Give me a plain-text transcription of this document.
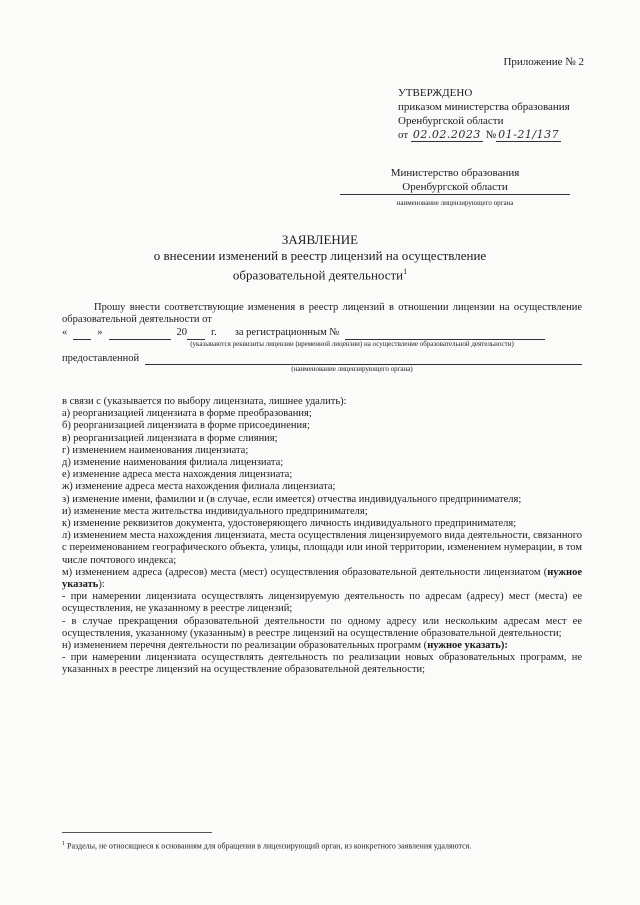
Приложение № 2
УТВЕРЖДЕНО
приказом министерства образования
Оренбургской области
от 02.02.2023 № 01-21/137
Министерство образования
Оренбургской области
наименование лицензирующего органа
ЗАЯВЛЕНИЕ
о внесении изменений в реестр лицензий на осуществление
образовательной деятельности$^1$

Прошу внести соответствующие изменения в реестр лицензий в отношении лицензии на осуществление образовательной деятельности от

«	»	20 г. за регистрационным №
(указываются реквизиты лицензии (временной лицензии) на осуществление образовательной деятельности)
предоставленной
(наименование лицензирующего органа)

в связи с (указывается по выбору лицензиата, лишнее удалить):

а) реорганизацией лицензиата в форме преобразования;

б) реорганизацией лицензиата в форме присоединения;

в) реорганизацией лицензиата в форме слияния;

г) изменением наименования лицензиата;

д) изменение наименования филиала лицензиата;

е) изменение адреса места нахождения лицензиата;

ж) изменение адреса места нахождения филиала лицензиата;

з) изменение имени, фамилии и (в случае, если имеется) отчества индивидуального предпринимателя;

и) изменение места жительства индивидуального предпринимателя;

к) изменение реквизитов документа, удостоверяющего личность индивидуального предпринимателя;

л) изменением места нахождения лицензиата, места осуществления лицензируемого вида деятельности, связанного с переименованием географического объекта, улицы, площади или иной территории, изменением нумерации, в том числе почтового индекса;

м) изменением адреса (адресов) места (мест) осуществления образовательной деятельности лицензиатом (нужное указать):

- при намерении лицензиата осуществлять лицензируемую деятельность по адресам (адресу) мест (места) ее осуществления, не указанному в реестре лицензий;

- в случае прекращения образовательной деятельности по одному адресу или нескольким адресам мест ее осуществления, указанному (указанным) в реестре лицензий на осуществление образовательной деятельности;

н) изменением перечня деятельности по реализации образовательных программ (нужное указать):

- при намерении лицензиата осуществлять деятельность по реализации новых образовательных программ, не указанных в реестре лицензий на осуществление образовательной деятельности;

$^1$ Разделы, не относящиеся к основаниям для обращения в лицензирующий орган, из конкретного заявления удаляются.
